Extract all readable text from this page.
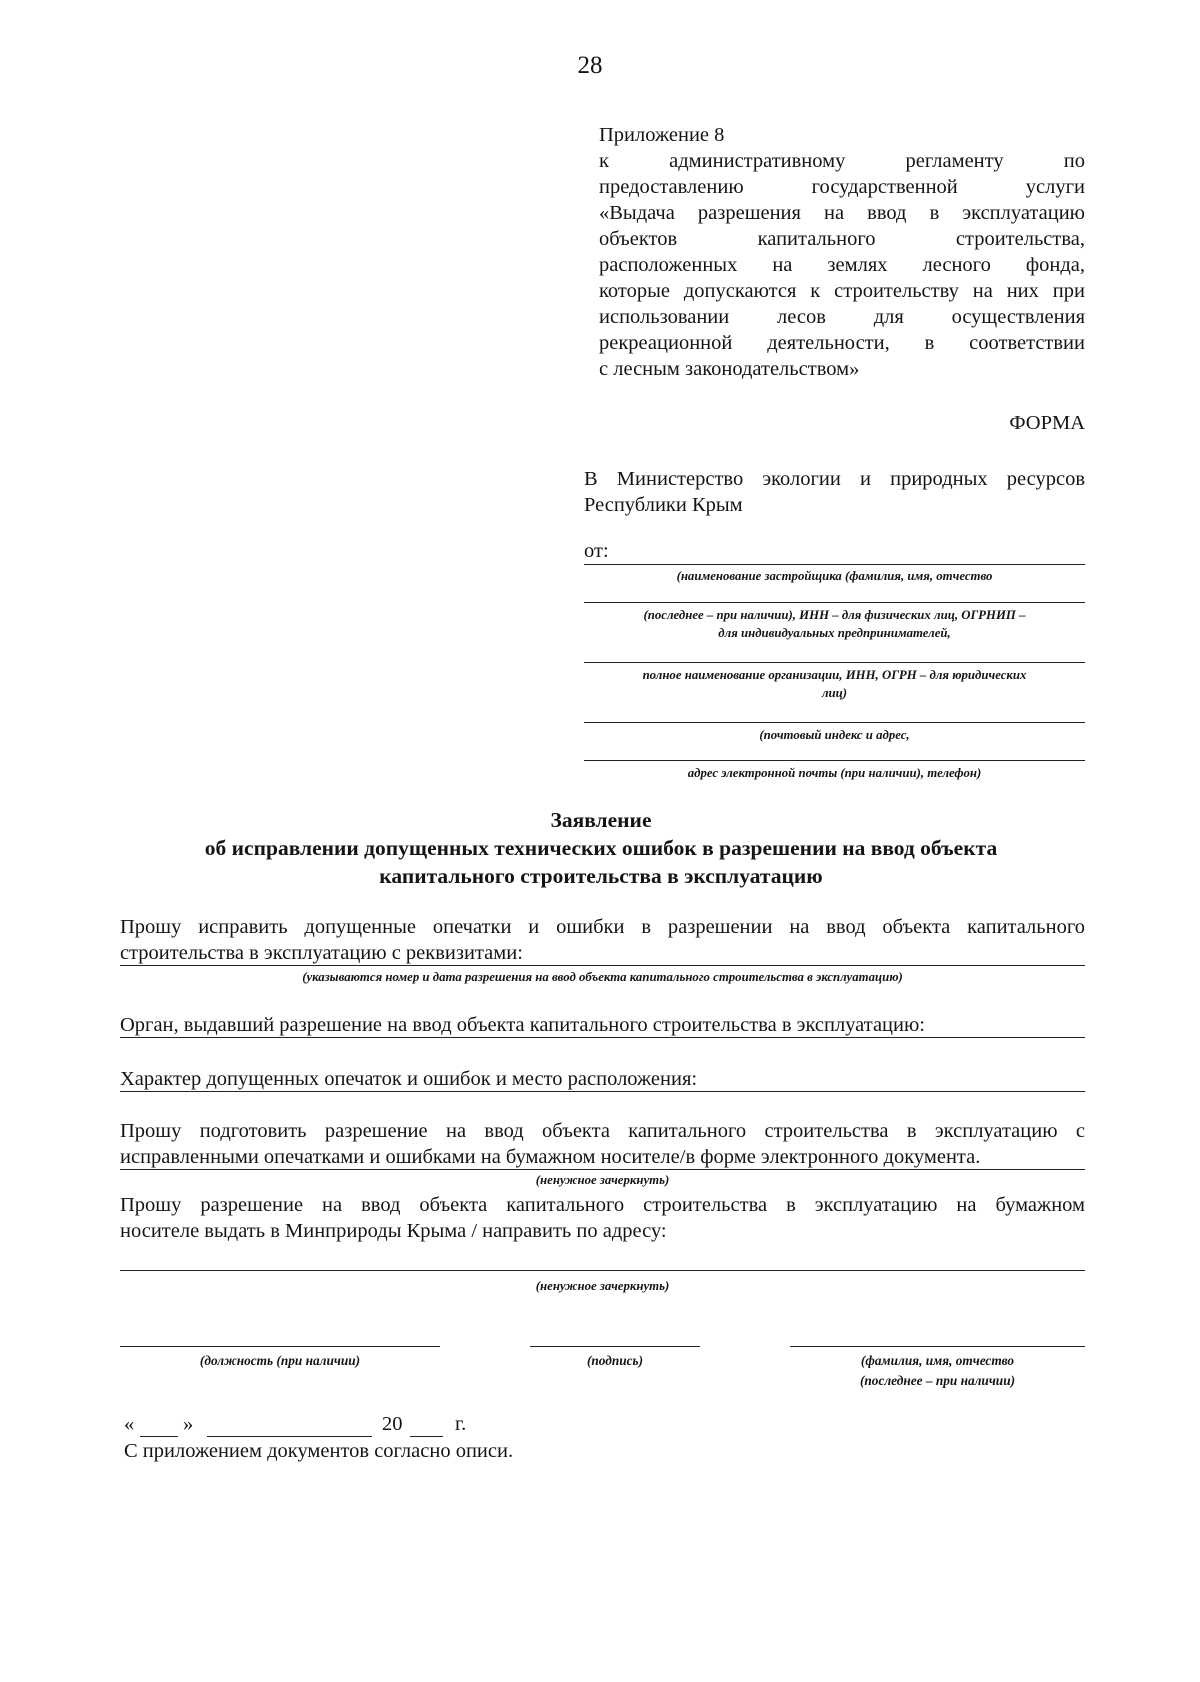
28
Приложение 8
к административному регламенту по
предоставлению государственной услуги
«Выдача разрешения на ввод в эксплуатацию
объектов капитального строительства,
расположенных на землях лесного фонда,
которые допускаются к строительству на них при
использовании лесов для осуществления
рекреационной деятельности, в соответствии
с лесным законодательством»
ФОРМА
В Министерство экологии и природных ресурсов
Республики Крым
от:
(наименование застройщика (фамилия, имя, отчество
(последнее – при наличии), ИНН – для физических лиц, ОГРНИП –
для индивидуальных предпринимателей,
полное наименование организации, ИНН, ОГРН – для юридических
лиц)
(почтовый индекс и адрес,
адрес электронной почты (при наличии), телефон)
Заявление
об исправлении допущенных технических ошибок в разрешении на ввод объекта
капитального строительства в эксплуатацию
Прошу исправить допущенные опечатки и ошибки в разрешении на ввод объекта капитального
строительства в эксплуатацию с реквизитами:
(указываются номер и дата разрешения на ввод объекта капитального строительства в эксплуатацию)
Орган, выдавший разрешение на ввод объекта капитального строительства в эксплуатацию:
Характер допущенных опечаток и ошибок и место расположения:
Прошу подготовить разрешение на ввод объекта капитального строительства в эксплуатацию с
исправленными опечатками и ошибками на бумажном носителе/в форме электронного документа.
(ненужное зачеркнуть)
Прошу разрешение на ввод объекта капитального строительства в эксплуатацию на бумажном
носителе выдать в Минприроды Крыма / направить по адресу:
(ненужное зачеркнуть)
(должность (при наличии)	(подпись)	(фамилия, имя, отчество
(последнее – при наличии)
« »	20	г.
С приложением документов согласно описи.
